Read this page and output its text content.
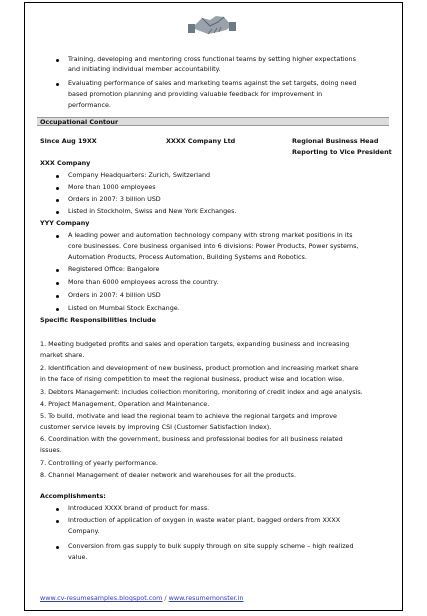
Training, developing and mentoring cross functional teams by setting higher expectations
and initiating individual member accountability.
Evaluating performance of sales and marketing teams against the set targets, doing need
based promotion planning and providing valuable feedback for improvement in
performance.
Occupational Contour
Since Aug 19XX	XXXX Company Ltd	Regional Business Head
Reporting to Vice President
XXX Company
Company Headquarters: Zurich, Switzerland
More than 1000 employees
Orders in 2007: 3 billion USD
Listed in Stockholm, Swiss and New York Exchanges.
YYY Company
A leading power and automation technology company with strong market positions in its
core businesses. Core business organised into 6 divisions: Power Products, Power systems,
Automation Products, Process Automation, Building Systems and Robotics.
Registered Office: Bangalore
More than 6000 employees across the country.
Orders in 2007: 4 billion USD
Listed on Mumbai Stock Exchange.
Specific Responsibilities Include
1. Meeting budgeted profits and sales and operation targets, expanding business and increasing
market share.
2. Identification and development of new business, product promotion and increasing market share
in the face of rising competition to meet the regional business, product wise and location wise.
3. Debtors Management: includes collection monitoring, monitoring of credit index and age analysis.
4. Project Management, Operation and Maintenance.
5. To build, motivate and lead the regional team to achieve the regional targets and improve
customer service levels by improving CSI (Customer Satisfaction Index).
6. Coordination with the government, business and professional bodies for all business related
issues.
7. Controlling of yearly performance.
8. Channel Management of dealer network and warehouses for all the products.
Accomplishments:
Introduced XXXX brand of product for mass.
Introduction of application of oxygen in waste water plant, bagged orders from XXXX
Company.
Conversion from gas supply to bulk supply through on site supply scheme – high realized
value.
www.cv-resumesamples.blogspot.com / www.resumemonster.in
